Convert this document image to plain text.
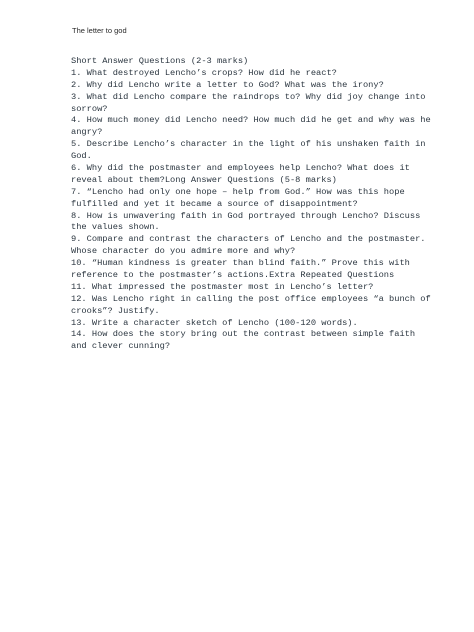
The letter to god
Short Answer Questions (2-3 marks)
1. What destroyed Lencho’s crops? How did he react?
2. Why did Lencho write a letter to God? What was the irony?
3. What did Lencho compare the raindrops to? Why did joy change into
sorrow?
4. How much money did Lencho need? How much did he get and why was he
angry?
5. Describe Lencho’s character in the light of his unshaken faith in
God.
6. Why did the postmaster and employees help Lencho? What does it
reveal about them?Long Answer Questions (5-8 marks)
7. “Lencho had only one hope – help from God.” How was this hope
fulfilled and yet it became a source of disappointment?
8. How is unwavering faith in God portrayed through Lencho? Discuss
the values shown.
9. Compare and contrast the characters of Lencho and the postmaster.
Whose character do you admire more and why?
10. “Human kindness is greater than blind faith.” Prove this with
reference to the postmaster’s actions.Extra Repeated Questions
11. What impressed the postmaster most in Lencho’s letter?
12. Was Lencho right in calling the post office employees “a bunch of
crooks”? Justify.
13. Write a character sketch of Lencho (100-120 words).
14. How does the story bring out the contrast between simple faith
and clever cunning?
